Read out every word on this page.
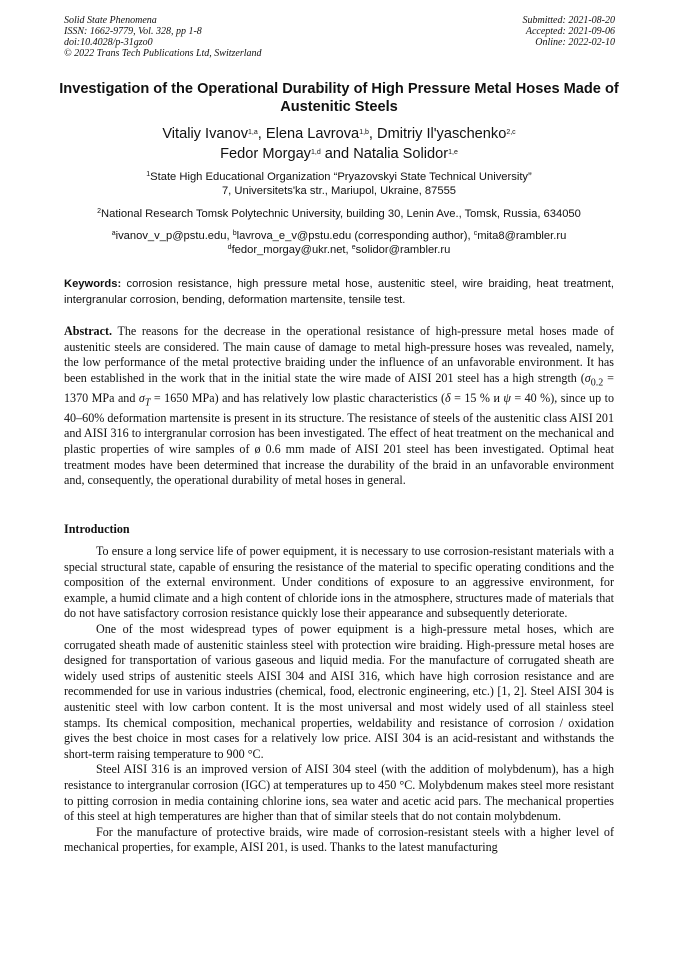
Solid State Phenomena
ISSN: 1662-9779, Vol. 328, pp 1-8
doi:10.4028/p-31gzo0
© 2022 Trans Tech Publications Ltd, Switzerland
Submitted: 2021-08-20
Accepted: 2021-09-06
Online: 2022-02-10
Investigation of the Operational Durability of High Pressure Metal Hoses Made of Austenitic Steels
Vitaliy Ivanov$^{1,a}$, Elena Lavrova$^{1,b}$, Dmitriy Il'yaschenko$^{2,c}$
Fedor Morgay$^{1,d}$ and Natalia Solidor$^{1,e}$
$^1$State High Educational Organization “Pryazovskyi State Technical University”
7, Universitets'ka str., Mariupol, Ukraine, 87555
$^2$National Research Tomsk Polytechnic University, building 30, Lenin Ave., Tomsk, Russia, 634050
$^a$ivanov_v_p@pstu.edu, $^b$lavrova_e_v@pstu.edu (corresponding author), $^c$mita8@rambler.ru
$^d$fedor_morgay@ukr.net, $^e$solidor@rambler.ru
Keywords: corrosion resistance, high pressure metal hose, austenitic steel, wire braiding, heat treatment, intergranular corrosion, bending, deformation martensite, tensile test.
Abstract. The reasons for the decrease in the operational resistance of high-pressure metal hoses made of austenitic steels are considered. The main cause of damage to metal high-pressure hoses was revealed, namely, the low performance of the metal protective braiding under the influence of an unfavorable environment. It has been established in the work that in the initial state the wire made of AISI 201 steel has a high strength ($\sigma_{0.2} = 1370$ MPa and $\sigma_T = 1650$ MPa) and has relatively low plastic characteristics (δ = 15 % и ψ = 40 %), since up to 40–60% deformation martensite is present in its structure. The resistance of steels of the austenitic class AISI 201 and AISI 316 to intergranular corrosion has been investigated. The effect of heat treatment on the mechanical and plastic properties of wire samples of ø 0.6 mm made of AISI 201 steel has been investigated. Optimal heat treatment modes have been determined that increase the durability of the braid in an unfavorable environment and, consequently, the operational durability of metal hoses in general.
Introduction

To ensure a long service life of power equipment, it is necessary to use corrosion-resistant materials with a special structural state, capable of ensuring the resistance of the material to specific operating conditions and the composition of the external environment. Under conditions of exposure to an aggressive environment, for example, a humid climate and a high content of chloride ions in the atmosphere, structures made of materials that do not have satisfactory corrosion resistance quickly lose their appearance and subsequently deteriorate.

One of the most widespread types of power equipment is a high-pressure metal hoses, which are corrugated sheath made of austenitic stainless steel with protection wire braiding. High-pressure metal hoses are designed for transportation of various gaseous and liquid media. For the manufacture of corrugated sheath are widely used strips of austenitic steels AISI 304 and AISI 316, which have high corrosion resistance and are recommended for use in various industries (chemical, food, electronic engineering, etc.) [1, 2]. Steel AISI 304 is austenitic steel with low carbon content. It is the most universal and most widely used of all stainless steel stamps. Its chemical composition, mechanical properties, weldability and resistance of corrosion / oxidation gives the best choice in most cases for a relatively low price. AISI 304 is an acid-resistant and withstands the short-term raising temperature to 900 °C.

Steel AISI 316 is an improved version of AISI 304 steel (with the addition of molybdenum), has a high resistance to intergranular corrosion (IGC) at temperatures up to 450 °C. Molybdenum makes steel more resistant to pitting corrosion in media containing chlorine ions, sea water and acetic acid pars. The mechanical properties of this steel at high temperatures are higher than that of similar steels that do not contain molybdenum.

For the manufacture of protective braids, wire made of corrosion-resistant steels with a higher level of mechanical properties, for example, AISI 201, is used. Thanks to the latest manufacturing
